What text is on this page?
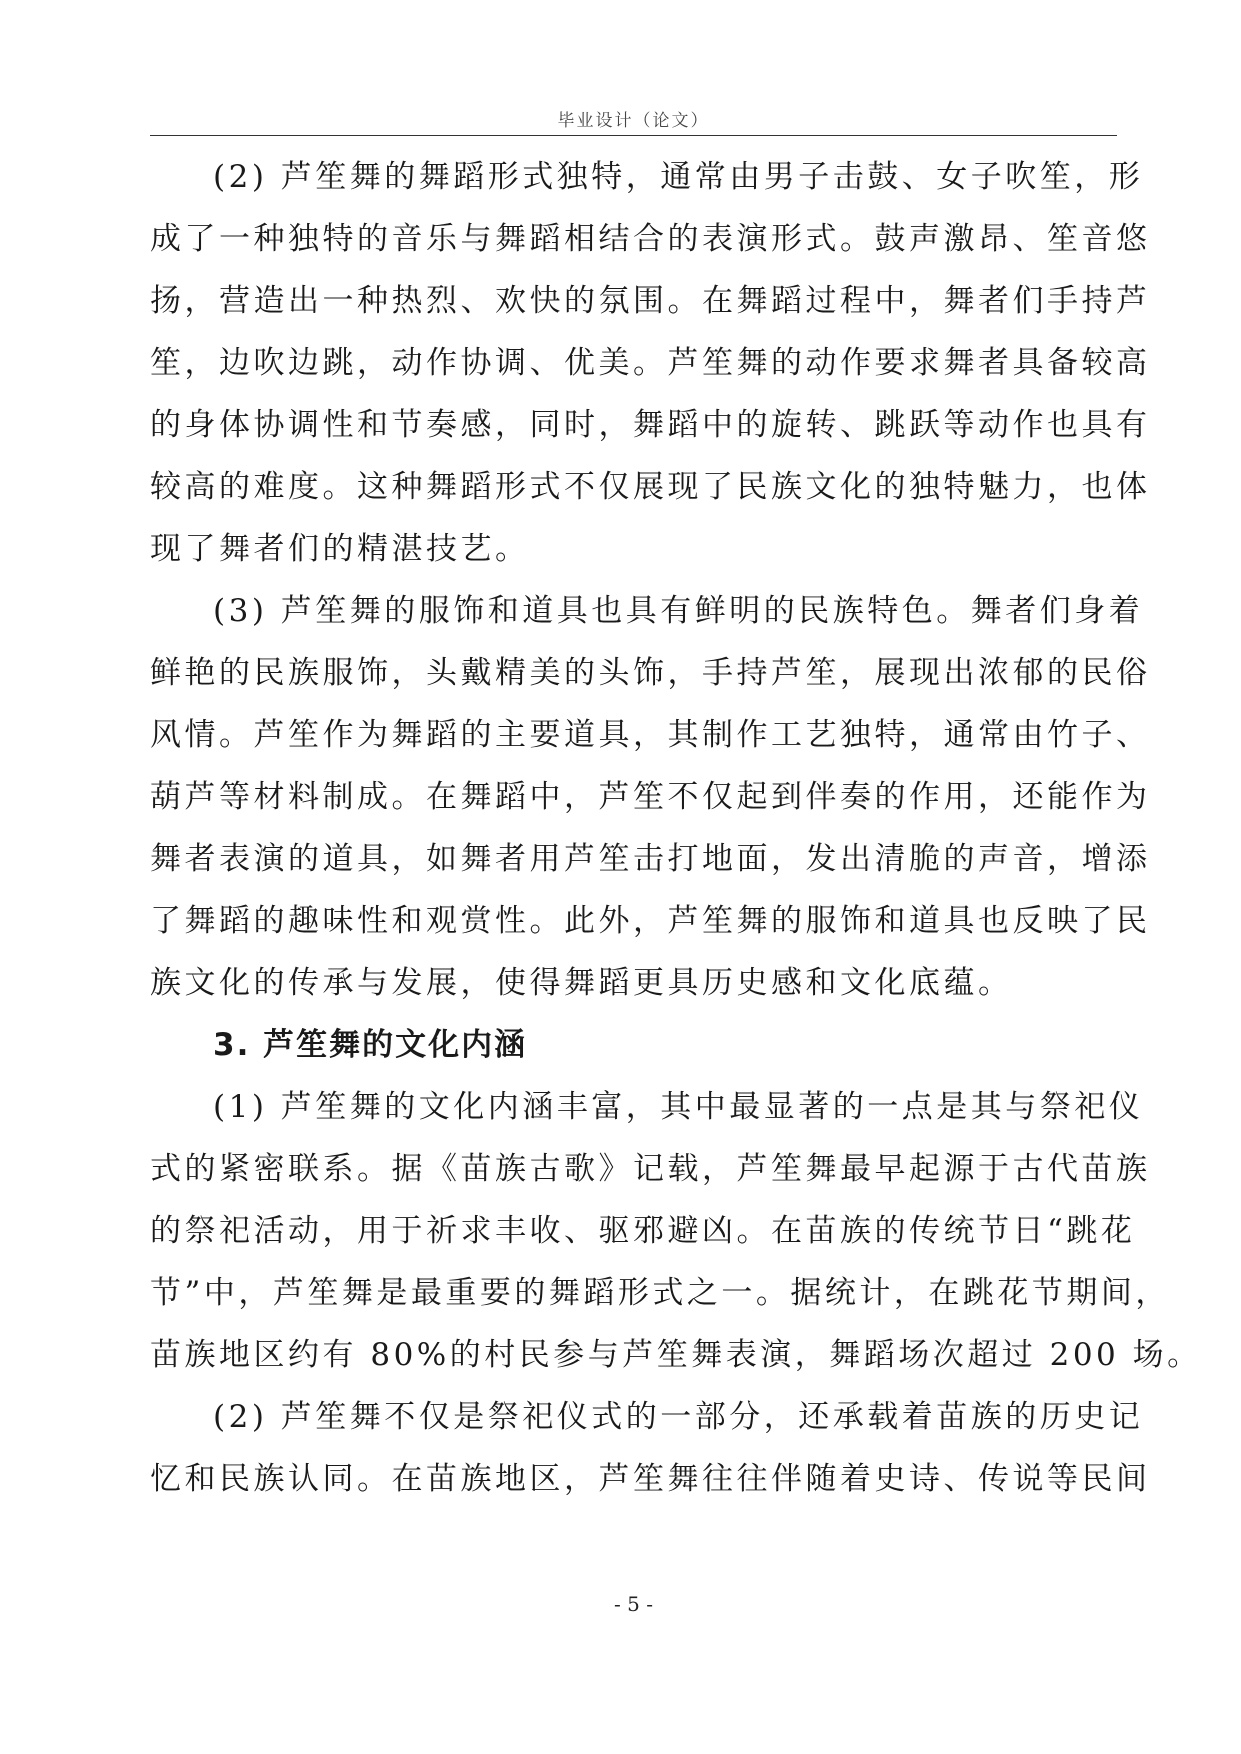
毕业设计（论文）

(2) 芦笙舞的舞蹈形式独特，通常由男子击鼓、女子吹笙，形
成了一种独特的音乐与舞蹈相结合的表演形式。鼓声激昂、笙音悠
扬，营造出一种热烈、欢快的氛围。在舞蹈过程中，舞者们手持芦
笙，边吹边跳，动作协调、优美。芦笙舞的动作要求舞者具备较高
的身体协调性和节奏感，同时，舞蹈中的旋转、跳跃等动作也具有
较高的难度。这种舞蹈形式不仅展现了民族文化的独特魅力，也体
现了舞者们的精湛技艺。

(3) 芦笙舞的服饰和道具也具有鲜明的民族特色。舞者们身着
鲜艳的民族服饰，头戴精美的头饰，手持芦笙，展现出浓郁的民俗
风情。芦笙作为舞蹈的主要道具，其制作工艺独特，通常由竹子、
葫芦等材料制成。在舞蹈中，芦笙不仅起到伴奏的作用，还能作为
舞者表演的道具，如舞者用芦笙击打地面，发出清脆的声音，增添
了舞蹈的趣味性和观赏性。此外，芦笙舞的服饰和道具也反映了民
族文化的传承与发展，使得舞蹈更具历史感和文化底蕴。

3. 芦笙舞的文化内涵

(1) 芦笙舞的文化内涵丰富，其中最显著的一点是其与祭祀仪
式的紧密联系。据《苗族古歌》记载，芦笙舞最早起源于古代苗族
的祭祀活动，用于祈求丰收、驱邪避凶。在苗族的传统节日“跳花
节”中，芦笙舞是最重要的舞蹈形式之一。据统计，在跳花节期间，
苗族地区约有 80%的村民参与芦笙舞表演，舞蹈场次超过 200 场。

(2) 芦笙舞不仅是祭祀仪式的一部分，还承载着苗族的历史记
忆和民族认同。在苗族地区，芦笙舞往往伴随着史诗、传说等民间

- 5 -
